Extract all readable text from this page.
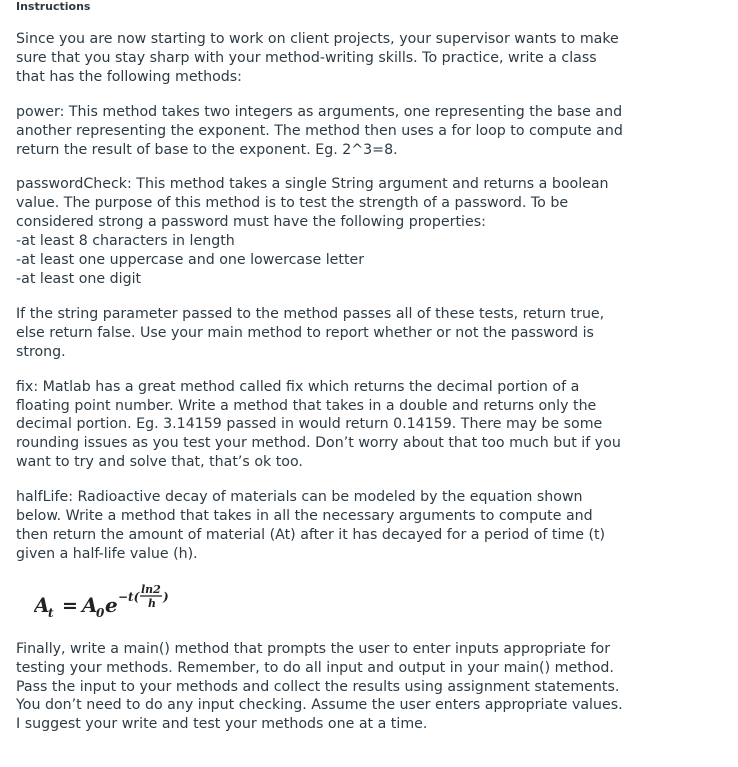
Instructions

Since you are now starting to work on client projects, your supervisor wants to make sure that you stay sharp with your method-writing skills. To practice, write a class that has the following methods:

power: This method takes two integers as arguments, one representing the base and another representing the exponent. The method then uses a for loop to compute and return the result of base to the exponent. Eg. 2^3=8.

passwordCheck: This method takes a single String argument and returns a boolean value. The purpose of this method is to test the strength of a password. To be considered strong a password must have the following properties:
-at least 8 characters in length
-at least one uppercase and one lowercase letter
-at least one digit

If the string parameter passed to the method passes all of these tests, return true, else return false. Use your main method to report whether or not the password is strong.

fix: Matlab has a great method called fix which returns the decimal portion of a floating point number. Write a method that takes in a double and returns only the decimal portion. Eg. 3.14159 passed in would return 0.14159. There may be some rounding issues as you test your method. Don’t worry about that too much but if you want to try and solve that, that’s ok too.

halfLife: Radioactive decay of materials can be modeled by the equation shown below. Write a method that takes in all the necessary arguments to compute and then return the amount of material (At) after it has decayed for a period of time (t) given a half-life value (h).

A
t = A
0 e −t(
ln2
h )

Finally, write a main() method that prompts the user to enter inputs appropriate for testing your methods. Remember, to do all input and output in your main() method. Pass the input to your methods and collect the results using assignment statements. You don’t need to do any input checking. Assume the user enters appropriate values. I suggest your write and test your methods one at a time.
